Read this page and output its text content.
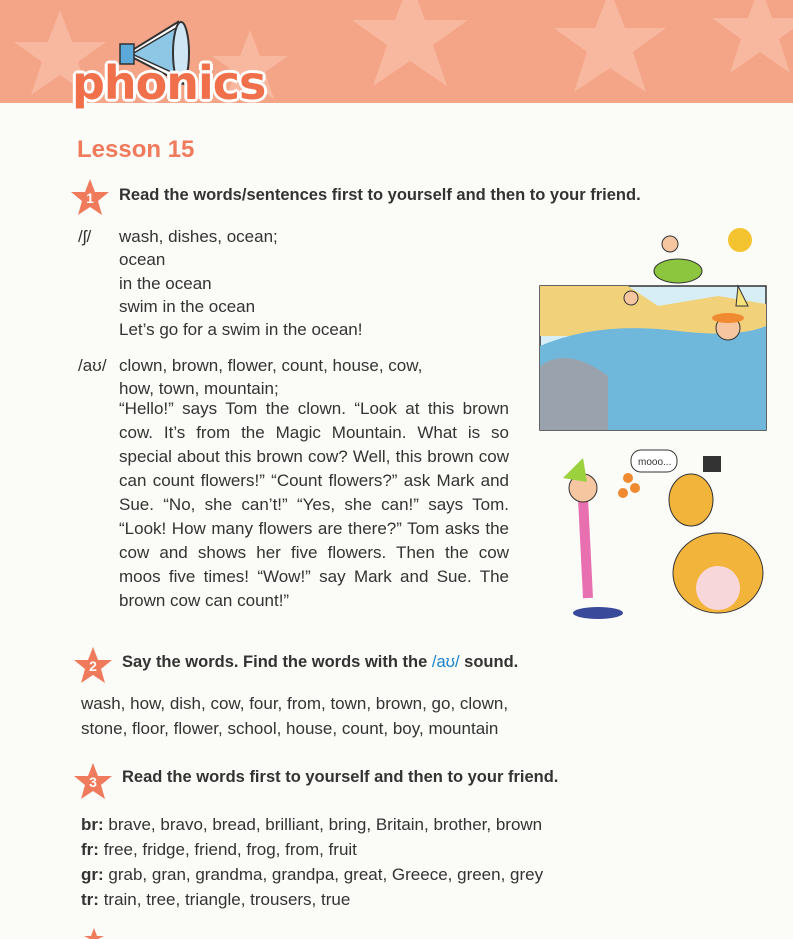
phonics
Lesson 15
1	Read the words/sentences first to yourself and then to your friend.
/ʃ/ wash, dishes, ocean;
ocean
in the ocean
swim in the ocean
Let’s go for a swim in the ocean!
/aʊ/ clown, brown, flower, count, house, cow,
how, town, mountain;
“Hello!” says Tom the clown. “Look at this brown cow. It’s from the Magic Mountain. What is so special about this brown cow? Well, this brown cow can count flowers!” “Count flowers?” ask Mark and Sue. “No, she can’t!” “Yes, she can!” says Tom. “Look! How many flowers are there?” Tom asks the cow and shows her five flowers. Then the cow moos five times! “Wow!” say Mark and Sue. The brown cow can count!”
mooo...
2	Say the words. Find the words with the /aʊ/ sound.
wash, how, dish, cow, four, from, town, brown, go, clown,
stone, floor, flower, school, house, count, boy, mountain
3	Read the words first to yourself and then to your friend.
br: brave, bravo, bread, brilliant, bring, Britain, brother, brown
fr: free, fridge, friend, frog, from, fruit
gr: grab, gran, grandma, grandpa, great, Greece, green, grey
tr: train, tree, triangle, trousers, true
